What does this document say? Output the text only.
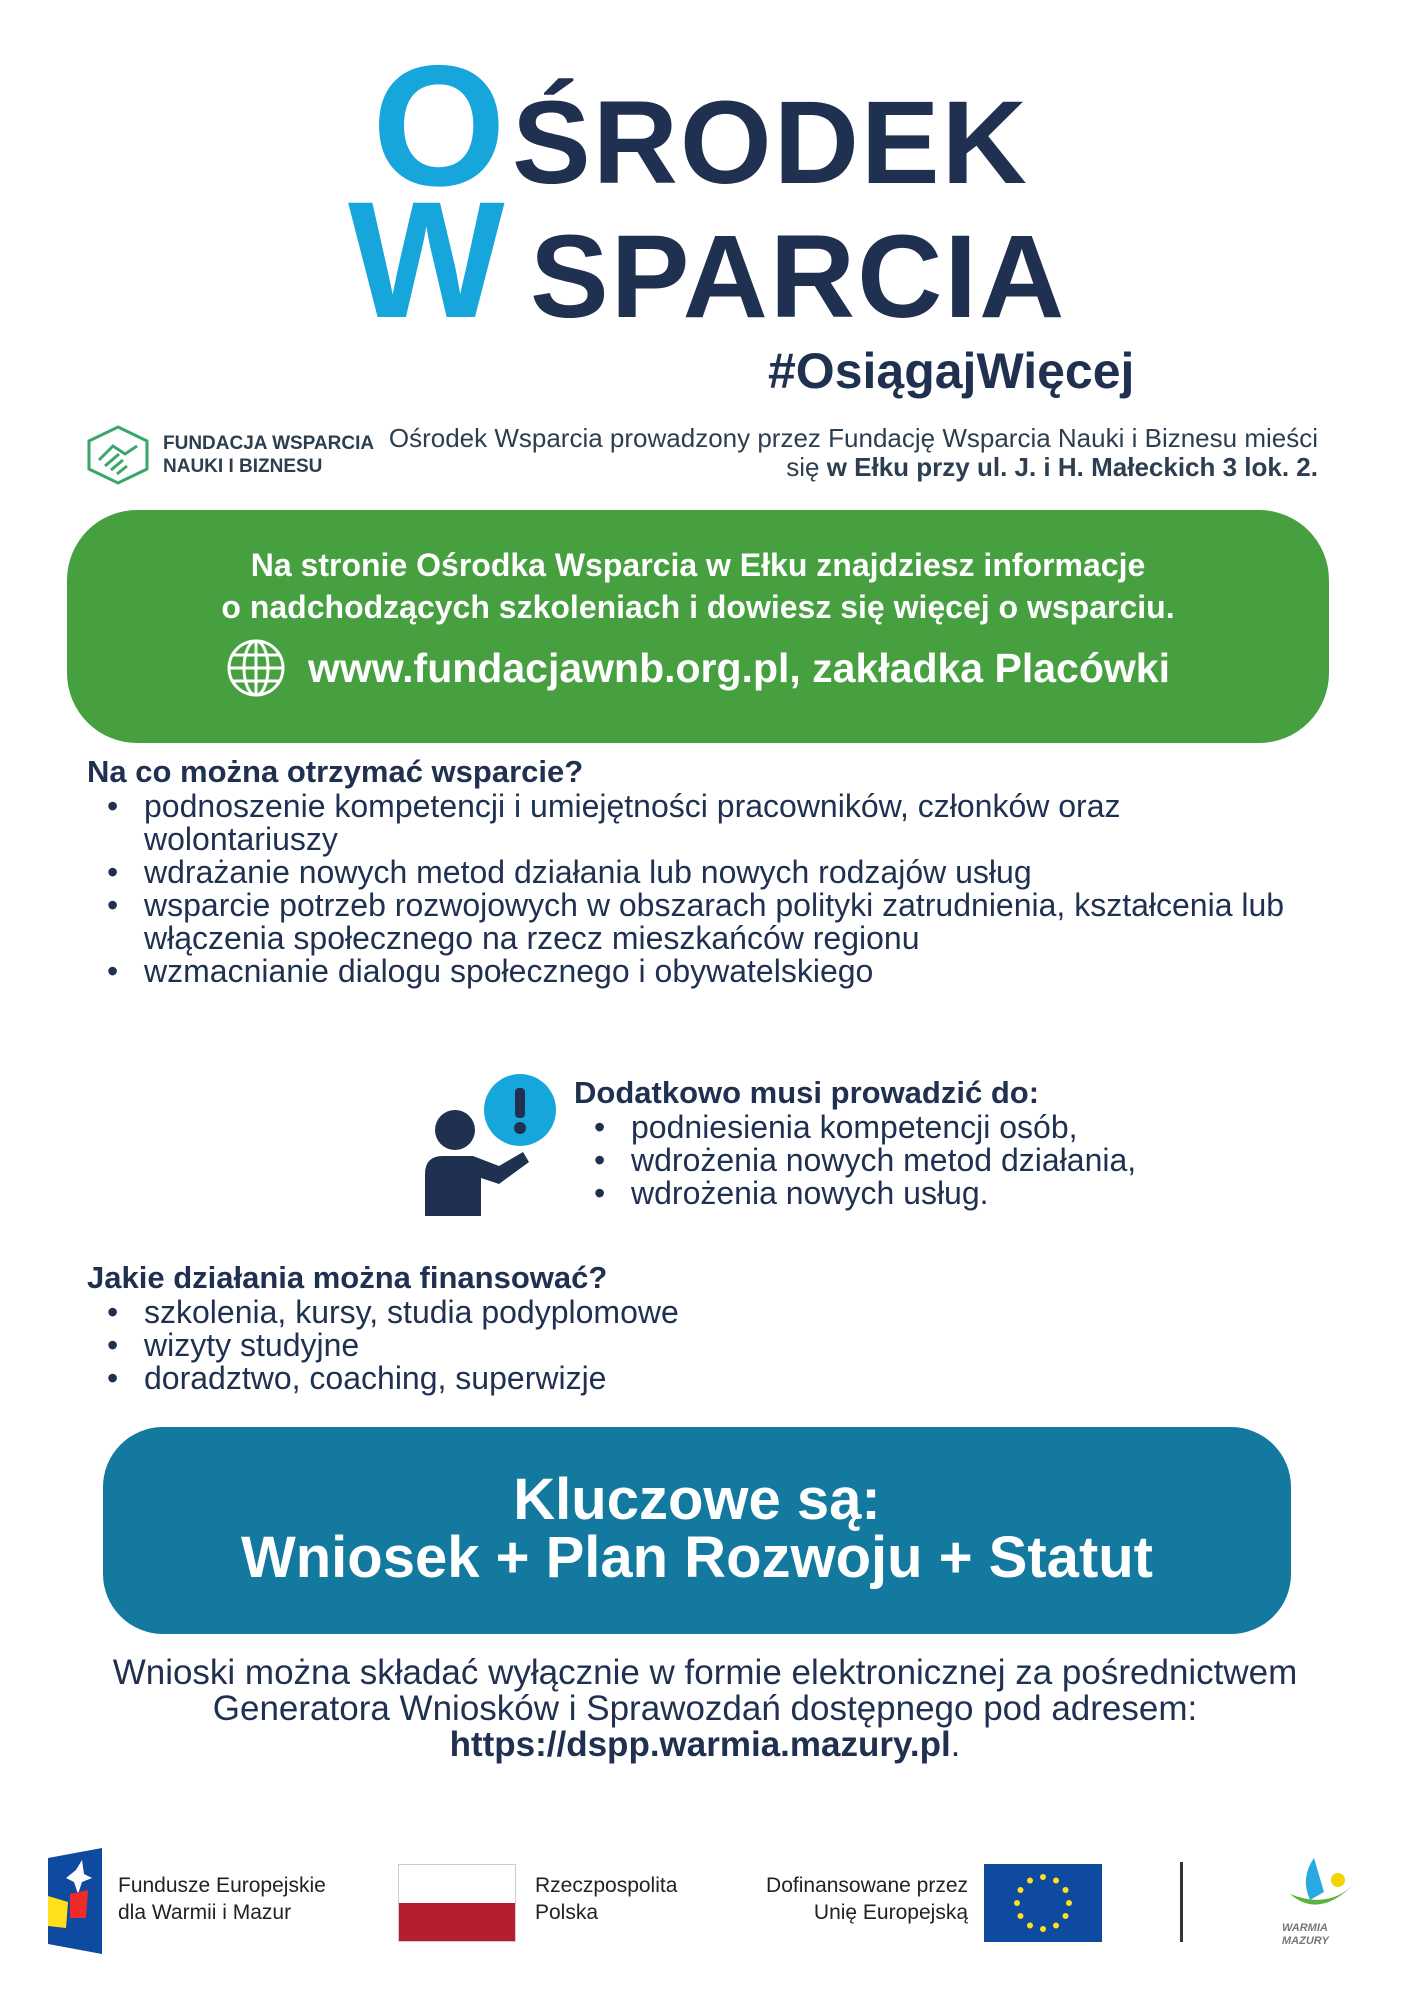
O ŚRODEK
W SPARCIA
#OsiągajWięcej
FUNDACJA WSPARCIA
NAUKI I BIZNESU
Ośrodek Wsparcia prowadzony przez Fundację Wsparcia Nauki i Biznesu mieści się w Ełku przy ul. J. i H. Małeckich 3 lok. 2.
Na stronie Ośrodka Wsparcia w Ełku znajdziesz informacje
o nadchodzących szkoleniach i dowiesz się więcej o wsparciu.
www.fundacjawnb.org.pl, zakładka Placówki
Na co można otrzymać wsparcie?
• podnoszenie kompetencji i umiejętności pracowników, członków oraz wolontariuszy
• wdrażanie nowych metod działania lub nowych rodzajów usług
• wsparcie potrzeb rozwojowych w obszarach polityki zatrudnienia, kształcenia lub włączenia społecznego na rzecz mieszkańców regionu
• wzmacnianie dialogu społecznego i obywatelskiego
Dodatkowo musi prowadzić do:
• podniesienia kompetencji osób,
• wdrożenia nowych metod działania,
• wdrożenia nowych usług.
Jakie działania można finansować?
• szkolenia, kursy, studia podyplomowe
• wizyty studyjne
• doradztwo, coaching, superwizje
Kluczowe są:
Wniosek + Plan Rozwoju + Statut
Wnioski można składać wyłącznie w formie elektronicznej za pośrednictwem Generatora Wniosków i Sprawozdań dostępnego pod adresem: https://dspp.warmia.mazury.pl.
Fundusze Europejskie
dla Warmii i Mazur
Rzeczpospolita
Polska
Dofinansowane przez
Unię Europejską
WARMIA
MAZURY
